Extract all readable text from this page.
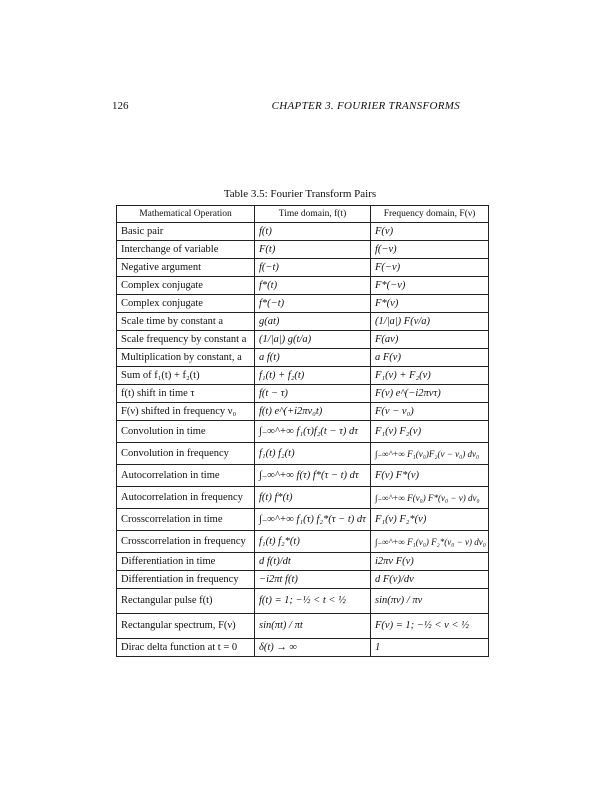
126	CHAPTER 3. FOURIER TRANSFORMS
Table 3.5: Fourier Transform Pairs
Mathematical Operation	Time domain, f(t)	Frequency domain, F(ν)
Basic pair	f(t)	F(ν)
Interchange of variable	F(t)	f(−ν)
Negative argument	f(−t)	F(−ν)
Complex conjugate	f*(t)	F*(−ν)
Complex conjugate	f*(−t)	F*(ν)
Scale time by constant a	g(at)	(1/|a|) F(ν/a)
Scale frequency by constant a	(1/|a|) g(t/a)	F(aν)
Multiplication by constant, a	a f(t)	a F(ν)
Sum of f₁(t) + f₂(t)	f₁(t) + f₂(t)	F₁(ν) + F₂(ν)
f(t) shift in time τ	f(t − τ)	F(ν) e^(−i2πντ)
F(ν) shifted in frequency ν₀	f(t) e^(+i2πν₀t)	F(ν − ν₀)
Convolution in time	∫₋∞^+∞ f₁(τ)f₂(t − τ) dτ	F₁(ν) F₂(ν)
Convolution in frequency	f₁(t) f₂(t)	∫₋∞^+∞ F₁(ν₀)F₂(ν − ν₀) dν₀
Autocorrelation in time	∫₋∞^+∞ f(τ) f*(τ − t) dτ	F(ν) F*(ν)
Autocorrelation in frequency	f(t) f*(t)	∫₋∞^+∞ F(ν₀) F*(ν₀ − ν) dν₀
Crosscorrelation in time	∫₋∞^+∞ f₁(τ) f₂*(τ − t) dτ	F₁(ν) F₂*(ν)
Crosscorrelation in frequency	f₁(t) f₂*(t)	∫₋∞^+∞ F₁(ν₀) F₂*(ν₀ − ν) dν₀
Differentiation in time	d f(t)/dt	i2πν F(ν)
Differentiation in frequency	−i2πt f(t)	d F(ν)/dν
Rectangular pulse f(t)	f(t) = 1; −½ < t < ½	sin(πν) / πν
Rectangular spectrum, F(ν)	sin(πt) / πt	F(ν) = 1; −½ < ν < ½
Dirac delta function at t = 0	δ(t) → ∞	1
